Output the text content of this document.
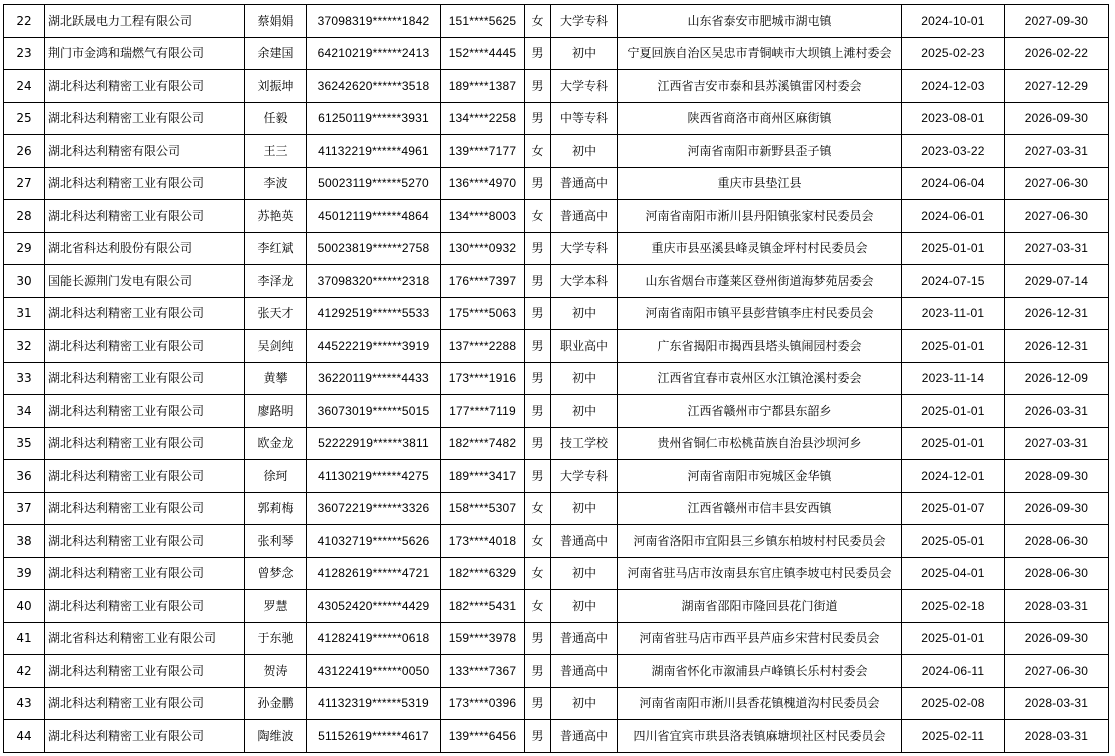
22	湖北跃晟电力工程有限公司	蔡娟娟	37098319******1842	151****5625	女	大学专科	山东省泰安市肥城市湖屯镇	2024-10-01	2027-09-30
23	荆门市金鸿和瑞燃气有限公司	余建国	64210219******2413	152****4445	男	初中	宁夏回族自治区吴忠市青铜峡市大坝镇上滩村委会	2025-02-23	2026-02-22
24	湖北科达利精密工业有限公司	刘振坤	36242620******3518	189****1387	男	大学专科	江西省吉安市泰和县苏溪镇雷冈村委会	2024-12-03	2027-12-29
25	湖北科达利精密工业有限公司	任毅	61250119******3931	134****2258	男	中等专科	陕西省商洛市商州区麻街镇	2023-08-01	2026-09-30
26	湖北科达利精密有限公司	王三	41132219******4961	139****7177	女	初中	河南省南阳市新野县歪子镇	2023-03-22	2027-03-31
27	湖北科达利精密工业有限公司	李波	50023119******5270	136****4970	男	普通高中	重庆市县垫江县	2024-06-04	2027-06-30
28	湖北科达利精密工业有限公司	苏艳英	45012119******4864	134****8003	女	普通高中	河南省南阳市淅川县丹阳镇张家村民委员会	2024-06-01	2027-06-30
29	湖北省科达利股份有限公司	李红斌	50023819******2758	130****0932	男	大学专科	重庆市县巫溪县峰灵镇金坪村村民委员会	2025-01-01	2027-03-31
30	国能长源荆门发电有限公司	李泽龙	37098320******2318	176****7397	男	大学本科	山东省烟台市蓬莱区登州街道海梦苑居委会	2024-07-15	2029-07-14
31	湖北科达利精密工业有限公司	张天才	41292519******5533	175****5063	男	初中	河南省南阳市镇平县彭营镇李庄村民委员会	2023-11-01	2026-12-31
32	湖北科达利精密工业有限公司	吴剑纯	44522219******3919	137****2288	男	职业高中	广东省揭阳市揭西县塔头镇闹园村委会	2025-01-01	2026-12-31
33	湖北科达利精密工业有限公司	黄攀	36220119******4433	173****1916	男	初中	江西省宜春市袁州区水江镇沧溪村委会	2023-11-14	2026-12-09
34	湖北科达利精密工业有限公司	廖路明	36073019******5015	177****7119	男	初中	江西省赣州市宁都县东韶乡	2025-01-01	2026-03-31
35	湖北科达利精密工业有限公司	欧金龙	52222919******3811	182****7482	男	技工学校	贵州省铜仁市松桃苗族自治县沙坝河乡	2025-01-01	2027-03-31
36	湖北科达利精密工业有限公司	徐珂	41130219******4275	189****3417	男	大学专科	河南省南阳市宛城区金华镇	2024-12-01	2028-09-30
37	湖北科达利精密工业有限公司	郭莉梅	36072219******3326	158****5307	女	初中	江西省赣州市信丰县安西镇	2025-01-07	2026-09-30
38	湖北科达利精密工业有限公司	张利琴	41032719******5626	173****4018	女	普通高中	河南省洛阳市宜阳县三乡镇东柏坡村村民委员会	2025-05-01	2028-06-30
39	湖北科达利精密工业有限公司	曾梦念	41282619******4721	182****6329	女	初中	河南省驻马店市汝南县东官庄镇李坡屯村民委员会	2025-04-01	2028-06-30
40	湖北科达利精密工业有限公司	罗慧	43052420******4429	182****5431	女	初中	湖南省邵阳市隆回县花门街道	2025-02-18	2028-03-31
41	湖北省科达利精密工业有限公司	于东驰	41282419******0618	159****3978	男	普通高中	河南省驻马店市西平县芦庙乡宋营村民委员会	2025-01-01	2026-09-30
42	湖北科达利精密工业有限公司	贺涛	43122419******0050	133****7367	男	普通高中	湖南省怀化市溆浦县卢峰镇长乐村村委会	2024-06-11	2027-06-30
43	湖北科达利精密工业有限公司	孙金鹏	41132319******5319	173****0396	男	初中	河南省南阳市淅川县香花镇槐道沟村民委员会	2025-02-08	2028-03-31
44	湖北科达利精密工业有限公司	陶维波	51152619******4617	139****6456	男	普通高中	四川省宜宾市珙县洛表镇麻塘坝社区村民委员会	2025-02-11	2028-03-31
